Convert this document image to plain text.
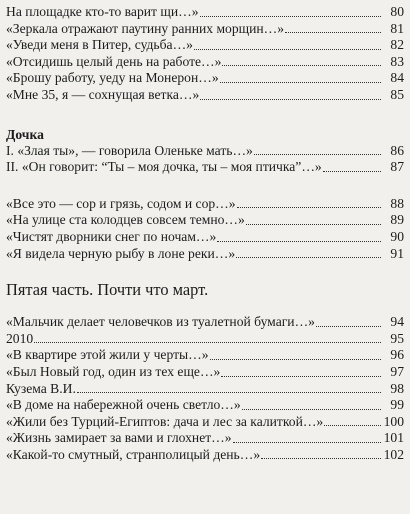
На площадке кто-то варит щи…»	80
«Зеркала отражают паутину ранних морщин…»	81
«Уведи меня в Питер, судьба…»	82
«Отсидишь целый день на работе…»	83
«Брошу работу, уеду на Монерон…»	84
«Мне 35, я — сохнущая ветка…»	85
Дочка
I. «Злая ты», — говорила Оленьке мать…»	86
II. «Он говорит: “Ты – моя дочка, ты – моя птичка”…»	87
«Все это — сор и грязь, содом и сор…»	88
«На улице ста колодцев совсем темно…»	89
«Чистят дворники снег по ночам…»	90
«Я видела черную рыбу в лоне реки…»	91
Пятая часть. Почти что март.
«Мальчик делает человечков из туалетной бумаги…»	94
2010	95
«В квартире этой жили у черты…»	96
«Был Новый год, один из тех еще…»	97
Кузема В.И.	98
«В доме на набережной очень светло…»	99
«Жили без Турций-Египтов: дача и лес за калиткой…»	100
«Жизнь замирает за вами и глохнет…»	101
«Какой-то смутный, странполицый день…»	102
